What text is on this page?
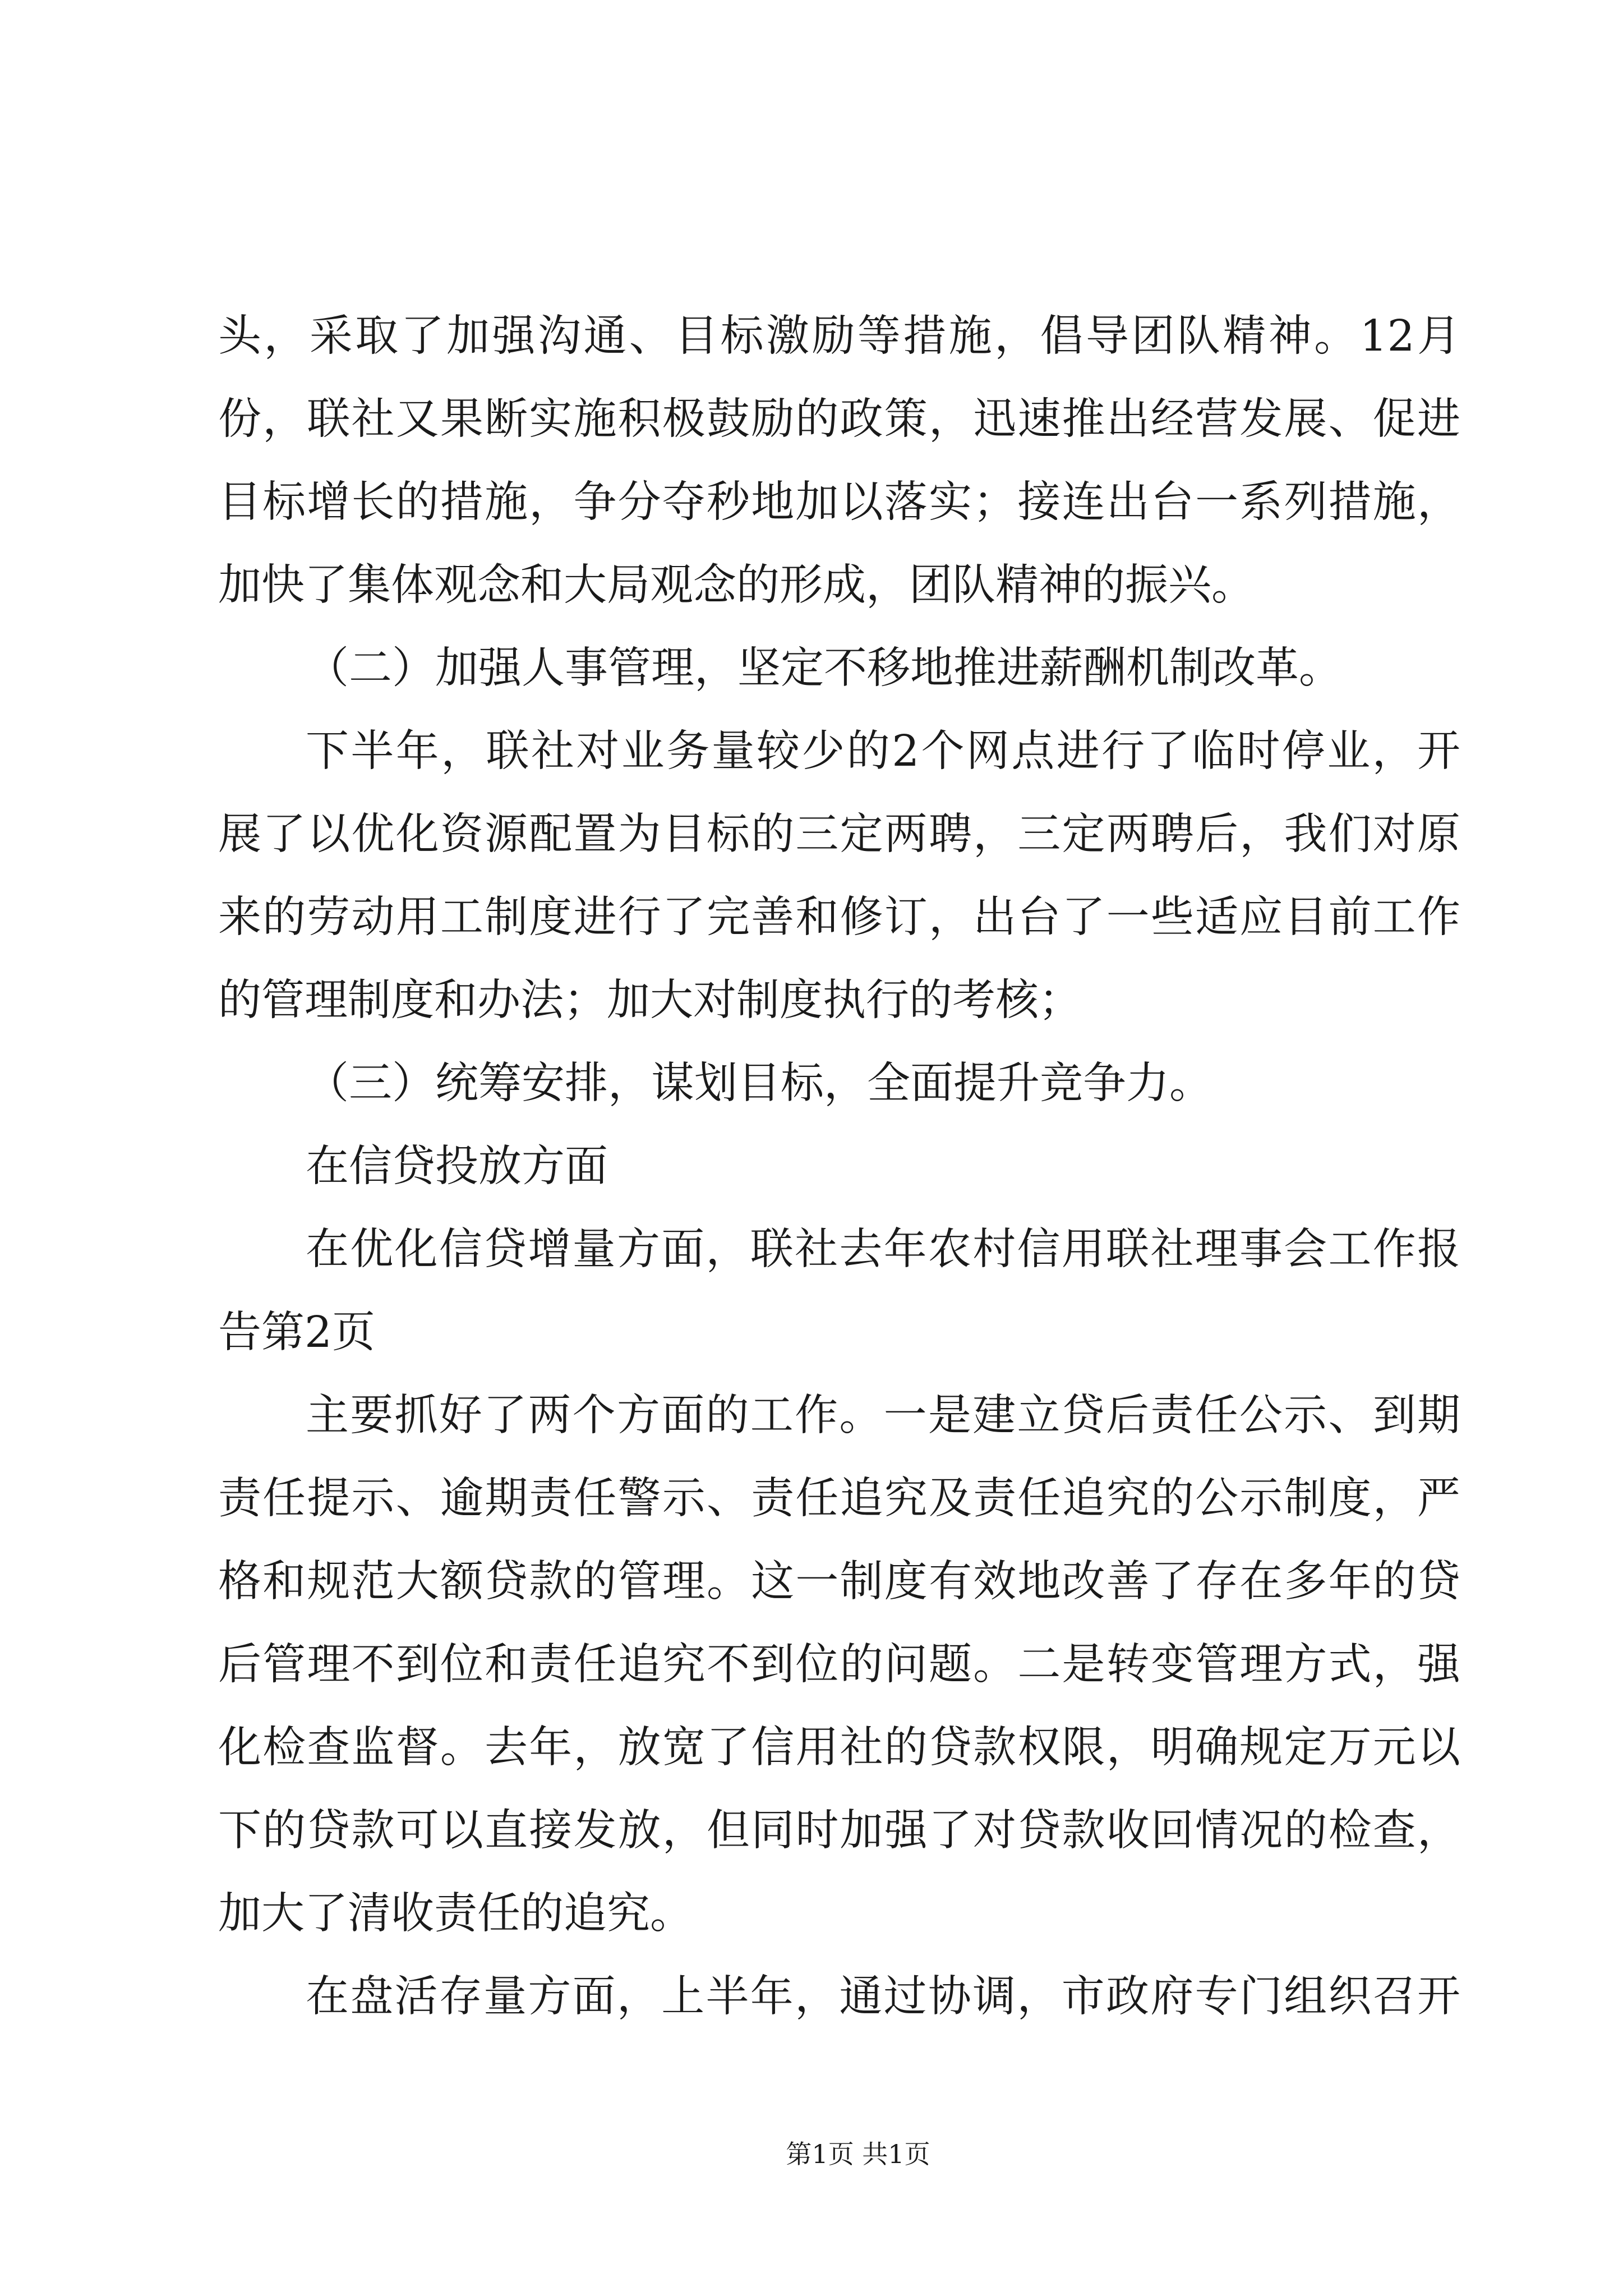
头，采取了加强沟通、目标激励等措施，倡导团队精神。12月
份，联社又果断实施积极鼓励的政策，迅速推出经营发展、促进
目标增长的措施，争分夺秒地加以落实；接连出台一系列措施，
加快了集体观念和大局观念的形成，团队精神的振兴。
（二）加强人事管理，坚定不移地推进薪酬机制改革。
下半年，联社对业务量较少的2个网点进行了临时停业，开
展了以优化资源配置为目标的三定两聘，三定两聘后，我们对原
来的劳动用工制度进行了完善和修订，出台了一些适应目前工作
的管理制度和办法；加大对制度执行的考核；
（三）统筹安排，谋划目标，全面提升竞争力。
在信贷投放方面
在优化信贷增量方面，联社去年农村信用联社理事会工作报
告第2页
主要抓好了两个方面的工作。一是建立贷后责任公示、到期
责任提示、逾期责任警示、责任追究及责任追究的公示制度，严
格和规范大额贷款的管理。这一制度有效地改善了存在多年的贷
后管理不到位和责任追究不到位的问题。二是转变管理方式，强
化检查监督。去年，放宽了信用社的贷款权限，明确规定万元以
下的贷款可以直接发放，但同时加强了对贷款收回情况的检查，
加大了清收责任的追究。
在盘活存量方面，上半年，通过协调，市政府专门组织召开
第1页 共1页
